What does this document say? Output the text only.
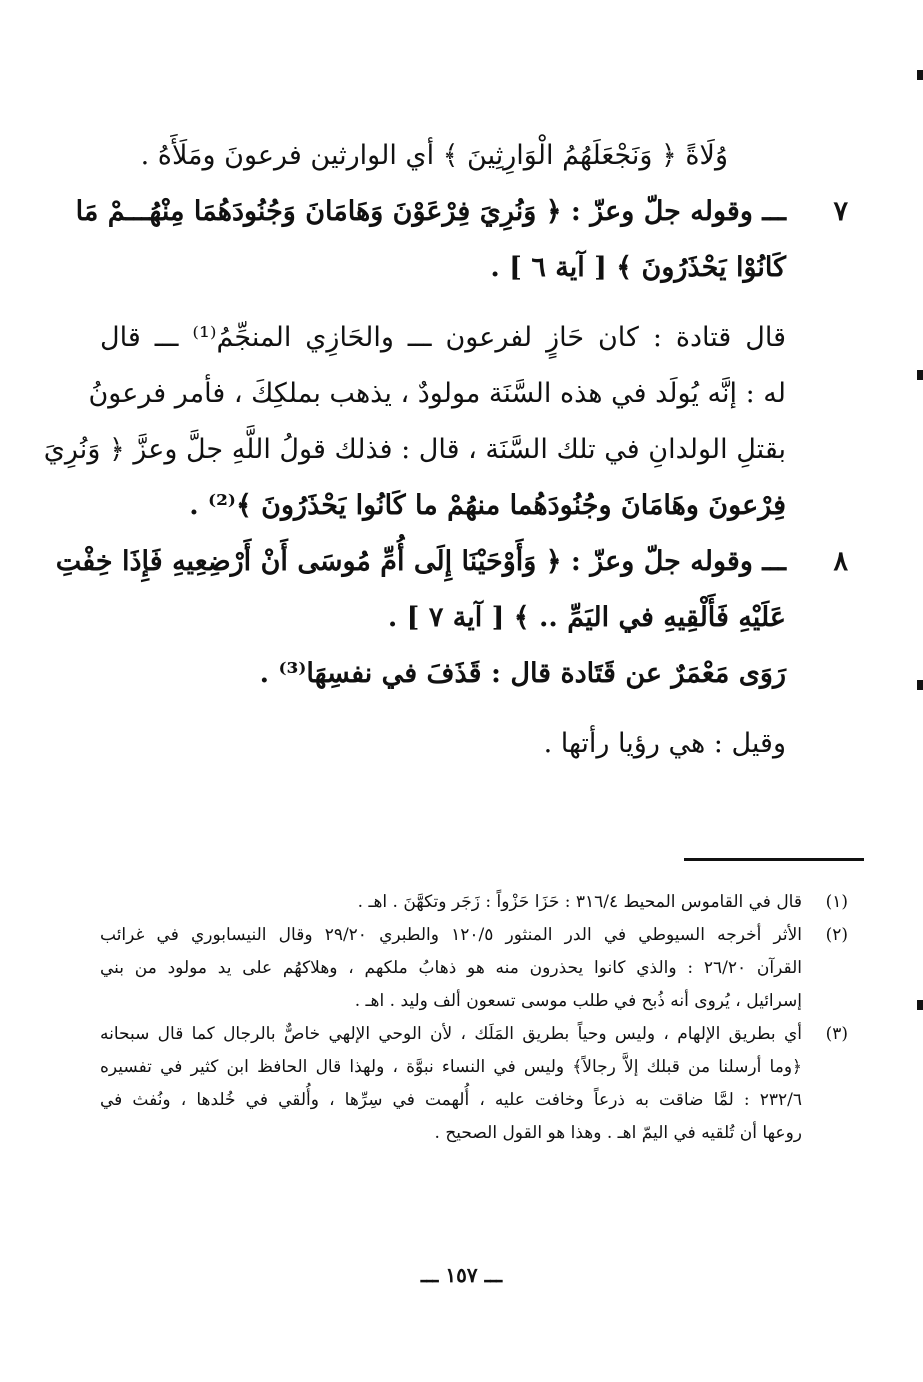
وُلَاةً ﴿ وَنَجْعَلَهُمُ الْوَارِثِينَ ﴾ أي الوارثين فرعونَ ومَلَأَهُ .
٧ـــ وقوله جلّ وعزّ : ﴿ وَنُرِيَ فِرْعَوْنَ وَهَامَانَ وَجُنُودَهُمَا مِنْهُـــمْ مَا
كَانُوْا يَحْذَرُونَ ﴾ [ آية ٦ ] .
قال قتادة : كان حَازٍ لفرعون ـــ والحَازِي المنجِّمُ⁽¹⁾ ـــ قال
له : إنَّه يُولَد في هذه السَّنَة مولودٌ ، يذهب بملكِكَ ، فأمر فرعونُ
بقتلِ الولدانِ في تلك السَّنَة ، قال : فذلك قولُ اللَّهِ جلَّ وعزَّ ﴿ وَنُرِيَ
فِرْعونَ وهَامَانَ وجُنُودَهُما منهُمْ ما كَانُوا يَحْذَرُونَ ﴾⁽²⁾ .
٨ـــ وقوله جلّ وعزّ : ﴿ وَأَوْحَيْنَا إِلَى أُمِّ مُوسَى أَنْ أَرْضِعِيهِ فَإِذَا خِفْتِ
عَلَيْهِ فَأَلْقِيهِ في اليَمِّ .. ﴾ [ آية ٧ ] .
رَوَى مَعْمَرٌ عن قَتَادة قال : قَذَفَ في نفسِهَا⁽³⁾ .
وقيل : هي رؤيا رأتها .
(١)قال في القاموس المحيط ٣١٦/٤ : حَزَا حَزْواً : زَجَر وتكهَّنَ . اهـ .
(٢)الأثر أخرجه السيوطي في الدر المنثور ١٢٠/٥ والطبري ٢٩/٢٠ وقال النيسابوري في غرائب
القرآن ٢٦/٢٠ : والذي كانوا يحذرون منه هو ذهابُ ملكهم ، وهلاكهُم على يد مولود من بني
إسرائيل ، يُروى أنه ذُبح في طلب موسى تسعون ألف وليد . اهـ .
(٣)أي بطريق الإلهام ، وليس وحياً بطريق المَلَك ، لأن الوحي الإلهي خاصٌّ بالرجال كما قال سبحانه
﴿وما أرسلنا من قبلك إلاَّ رجالاً﴾ وليس في النساء نبوَّة ، ولهذا قال الحافظ ابن كثير في تفسيره
٢٣٢/٦ : لمَّا ضاقت به ذرعاً وخافت عليه ، أُلهمت في سِرِّها ، وأُلقي في خُلدها ، ونُفث في
روعها أن تُلقيه في اليمّ اهـ . وهذا هو القول الصحيح .
ـــ ١٥٧ ـــ
